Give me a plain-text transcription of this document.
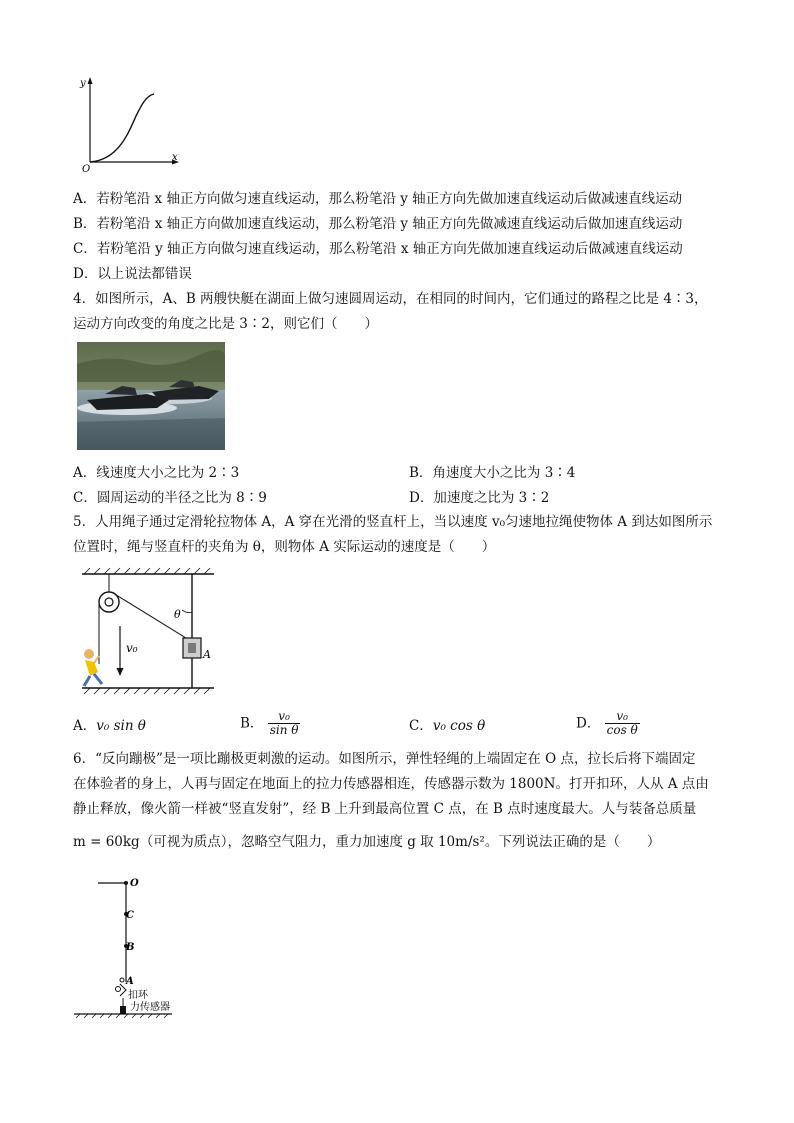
y
x
O
A．若粉笔沿 x 轴正方向做匀速直线运动，那么粉笔沿 y 轴正方向先做加速直线运动后做减速直线运动
B．若粉笔沿 x 轴正方向做加速直线运动，那么粉笔沿 y 轴正方向先做减速直线运动后做加速直线运动
C．若粉笔沿 y 轴正方向做匀速直线运动，那么粉笔沿 x 轴正方向先做加速直线运动后做减速直线运动
D．以上说法都错误
4．如图所示，A、B 两艘快艇在湖面上做匀速圆周运动，在相同的时间内，它们通过的路程之比是 4∶3，
运动方向改变的角度之比是 3∶2，则它们（　　）
A．线速度大小之比为 2∶3	B．角速度大小之比为 3∶4
C．圆周运动的半径之比为 8∶9	D．加速度之比为 3∶2
5．人用绳子通过定滑轮拉物体 A，A 穿在光滑的竖直杆上，当以速度 v₀匀速地拉绳使物体 A 到达如图所示
位置时，绳与竖直杆的夹角为 θ，则物体 A 实际运动的速度是（　　）
θ
v₀	A
A．v₀ sin θ	B． $\frac{\text{v₀}}{\text{sin θ}}$	C．v₀ cos θ	D． $\frac{\text{v₀}}{\text{cos θ}}$
6．“反向蹦极”是一项比蹦极更刺激的运动。如图所示，弹性轻绳的上端固定在 O 点，拉长后将下端固定
在体验者的身上，人再与固定在地面上的拉力传感器相连，传感器示数为 1800N。打开扣环，人从 A 点由
静止释放，像火箭一样被“竖直发射”，经 B 上升到最高位置 C 点，在 B 点时速度最大。人与装备总质量
m = 60kg（可视为质点），忽略空气阻力，重力加速度 g 取 10m/s²。下列说法正确的是（　　）
O
C
B
A
扣环
力传感器
